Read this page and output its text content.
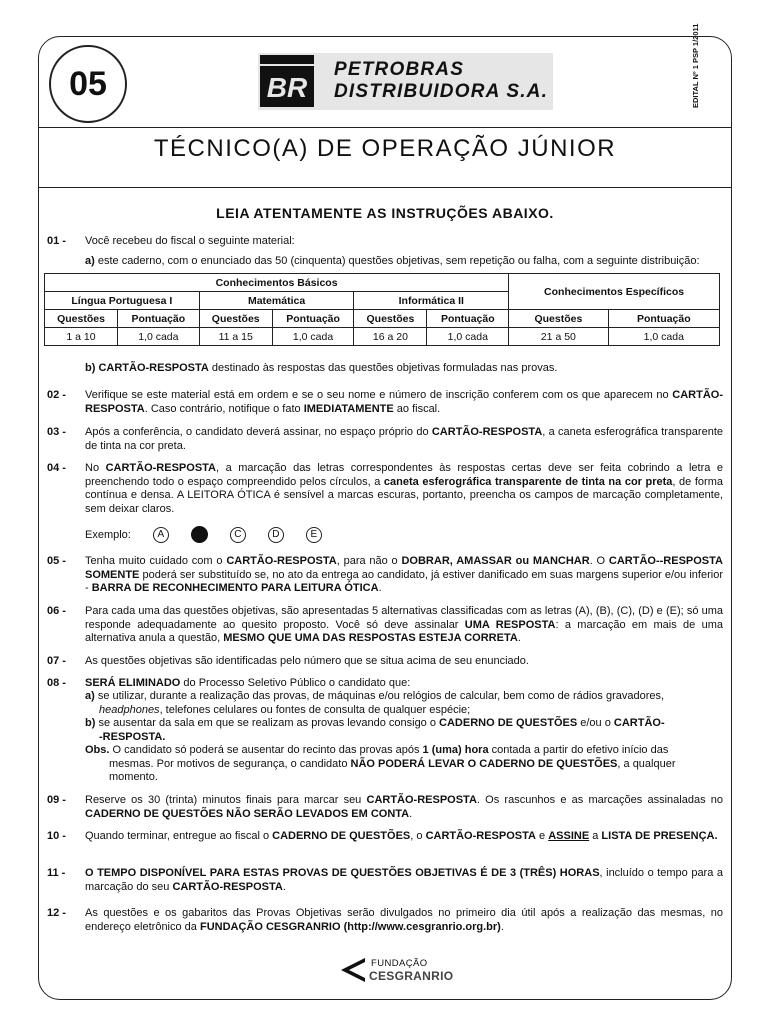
05	BR
PETROBRAS
DISTRIBUIDORA S.A.	EDITAL Nº 1 PSP 1/2011
TÉCNICO(A) DE OPERAÇÃO JÚNIOR
LEIA ATENTAMENTE AS INSTRUÇÕES ABAIXO.
01 - Você recebeu do fiscal o seguinte material:
a) este caderno, com o enunciado das 50 (cinquenta) questões objetivas, sem repetição ou falha, com a seguinte distribuição:
Conhecimentos Básicos						Conhecimentos Específicos	
Língua Portuguesa I		Matemática		Informática II			
Questões	Pontuação	Questões	Pontuação	Questões	Pontuação	Questões	Pontuação
1 a 10	1,0 cada	11 a 15	1,0 cada	16 a 20	1,0 cada	21 a 50	1,0 cada
b) CARTÃO-RESPOSTA destinado às respostas das questões objetivas formuladas nas provas.
02 - Verifique se este material está em ordem e se o seu nome e número de inscrição conferem com os que aparecem no CARTÃO-RESPOSTA. Caso contrário, notifique o fato IMEDIATAMENTE ao fiscal.
03 - Após a conferência, o candidato deverá assinar, no espaço próprio do CARTÃO-RESPOSTA, a caneta esferográfica transparente de tinta na cor preta.
04 - No CARTÃO-RESPOSTA, a marcação das letras correspondentes às respostas certas deve ser feita cobrindo a letra e preenchendo todo o espaço compreendido pelos círculos, a caneta esferográfica transparente de tinta na cor preta, de forma contínua e densa. A LEITORA ÓTICA é sensível a marcas escuras, portanto, preencha os campos de marcação completamente, sem deixar claros.
Exemplo:	A	C	D	E
05 - Tenha muito cuidado com o CARTÃO-RESPOSTA, para não o DOBRAR, AMASSAR ou MANCHAR. O CARTÃO--RESPOSTA SOMENTE poderá ser substituído se, no ato da entrega ao candidato, já estiver danificado em suas margens superior e/ou inferior - BARRA DE RECONHECIMENTO PARA LEITURA ÓTICA.
06 - Para cada uma das questões objetivas, são apresentadas 5 alternativas classificadas com as letras (A), (B), (C), (D) e (E); só uma responde adequadamente ao quesito proposto. Você só deve assinalar UMA RESPOSTA: a marcação em mais de uma alternativa anula a questão, MESMO QUE UMA DAS RESPOSTAS ESTEJA CORRETA.
07 - As questões objetivas são identificadas pelo número que se situa acima de seu enunciado.
08 - SERÁ ELIMINADO do Processo Seletivo Público o candidato que:
a) se utilizar, durante a realização das provas, de máquinas e/ou relógios de calcular, bem como de rádios gravadores,
headphones, telefones celulares ou fontes de consulta de qualquer espécie;
b) se ausentar da sala em que se realizam as provas levando consigo o CADERNO DE QUESTÕES e/ou o CARTÃO-
-RESPOSTA.
Obs. O candidato só poderá se ausentar do recinto das provas após 1 (uma) hora contada a partir do efetivo início das
mesmas. Por motivos de segurança, o candidato NÃO PODERÁ LEVAR O CADERNO DE QUESTÕES, a qualquer
momento.
09 - Reserve os 30 (trinta) minutos finais para marcar seu CARTÃO-RESPOSTA. Os rascunhos e as marcações assinaladas no CADERNO DE QUESTÕES NÃO SERÃO LEVADOS EM CONTA.
10 - Quando terminar, entregue ao fiscal o CADERNO DE QUESTÕES, o CARTÃO-RESPOSTA e ASSINE a LISTA DE PRESENÇA.
11 - O TEMPO DISPONÍVEL PARA ESTAS PROVAS DE QUESTÕES OBJETIVAS É DE 3 (TRÊS) HORAS, incluído o tempo para a marcação do seu CARTÃO-RESPOSTA.
12 - As questões e os gabaritos das Provas Objetivas serão divulgados no primeiro dia útil após a realização das mesmas, no endereço eletrônico da FUNDAÇÃO CESGRANRIO (http://www.cesgranrio.org.br).
FUNDAÇÃO
CESGRANRIO
